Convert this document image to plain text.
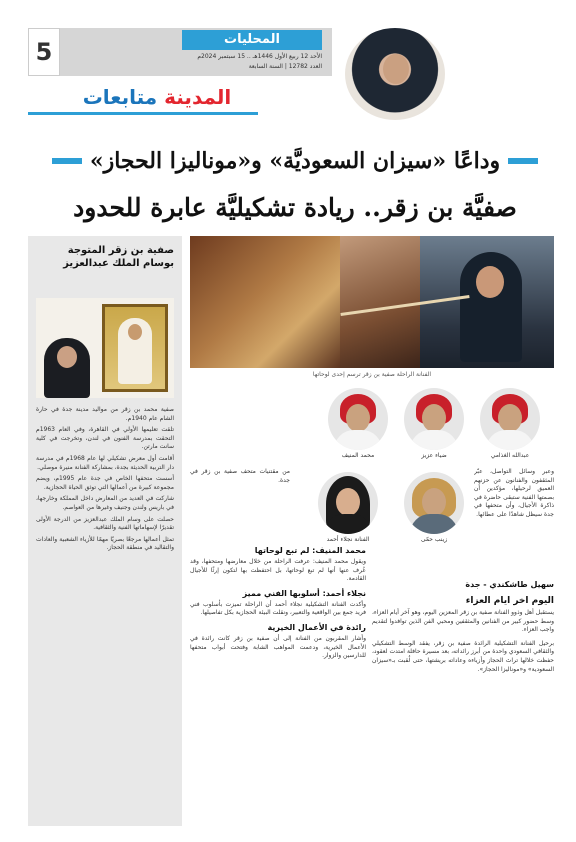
المحليات
الأحد 12 ربيع الأول 1446هـ .. 15 سبتمبر 2024م
العدد 12782 | السنة السابعة
5
المدينة متابعات
وداعًا «سيزان السعوديَّة» و«موناليزا الحجاز»
صفيَّة بن زقر.. ريادة تشكيليَّة عابرة للحدود
الفنانة الراحلة صفية بن زقر ترسم إحدى لوحاتها
عبدالله الغذامي
ضياء عزيز
محمد المنيف
زينب حمّى
الفنانة نجلاء أحمد
وعبر وسائل التواصل، عبّر المثقفون والفنانون عن حزنهم العميق لرحيلها، مؤكدين أن بصمتها الفنية ستبقى حاضرة في ذاكرة الأجيال، وأن متحفها في جدة سيظل شاهدًا على عطائها.
اليوم آخر أيام العزاء
يستقبل أهل وذوو الفنانة صفية بن زقر المعزين اليوم، وهو آخر أيام العزاء، وسط حضور كبير من الفنانين والمثقفين ومحبي الفن الذين توافدوا لتقديم واجب العزاء.
برحيل الفنانة التشكيلية الرائدة صفية بن زقر، يفقد الوسط التشكيلي والثقافي السعودي واحدة من أبرز رائداته، بعد مسيرة حافلة امتدت لعقود، حفظت خلالها تراث الحجاز وأزياءه وعاداته بريشتها، حتى لُقبت بـ«سيزان السعودية» و«موناليزا الحجاز».
من مقتنيات متحف صفية بن زقر في جدة.
محمد المنيف: لم تبع لوحاتها
ويقول محمد المنيف: عرفت الراحلة من خلال معارضها ومتحفها، وقد عُرف عنها أنها لم تبع لوحاتها، بل احتفظت بها لتكون إرثًا للأجيال القادمة.
نجلاء أحمد: أسلوبها الفني مميز
وأكدت الفنانة التشكيلية نجلاء أحمد أن الراحلة تميزت بأسلوب فني فريد جمع بين الواقعية والتعبير، ونقلت البيئة الحجازية بكل تفاصيلها.
رائدة في الأعمال الخيرية
وأشار المقربون من الفنانة إلى أن صفية بن زقر كانت رائدة في الأعمال الخيرية، ودعمت المواهب الشابة وفتحت أبواب متحفها للدارسين والزوار.
صفية بن زقر المتوجة بوسام الملك عبدالعزيز
صفية محمد بن زقر من مواليد مدينة جدة في حارة الشام عام 1940م.
تلقت تعليمها الأولي في القاهرة، وفي العام 1963م التحقت بمدرسة الفنون في لندن، وتخرجت في كلية سانت مارتن.
أقامت أول معرض تشكيلي لها عام 1968م في مدرسة دار التربية الحديثة بجدة، بمشاركة الفنانة منيرة موصلي.
أسست متحفها الخاص في جدة عام 1995م، ويضم مجموعة كبيرة من أعمالها التي توثق الحياة الحجازية.
شاركت في العديد من المعارض داخل المملكة وخارجها، في باريس ولندن وجنيف وغيرها من العواصم.
حصلت على وسام الملك عبدالعزيز من الدرجة الأولى تقديرًا لإسهاماتها الفنية والثقافية.
تمثل أعمالها مرجعًا بصريًا مهمًا للأزياء الشعبية والعادات والتقاليد في منطقة الحجاز.
سهيل طاشكندي - جدة
